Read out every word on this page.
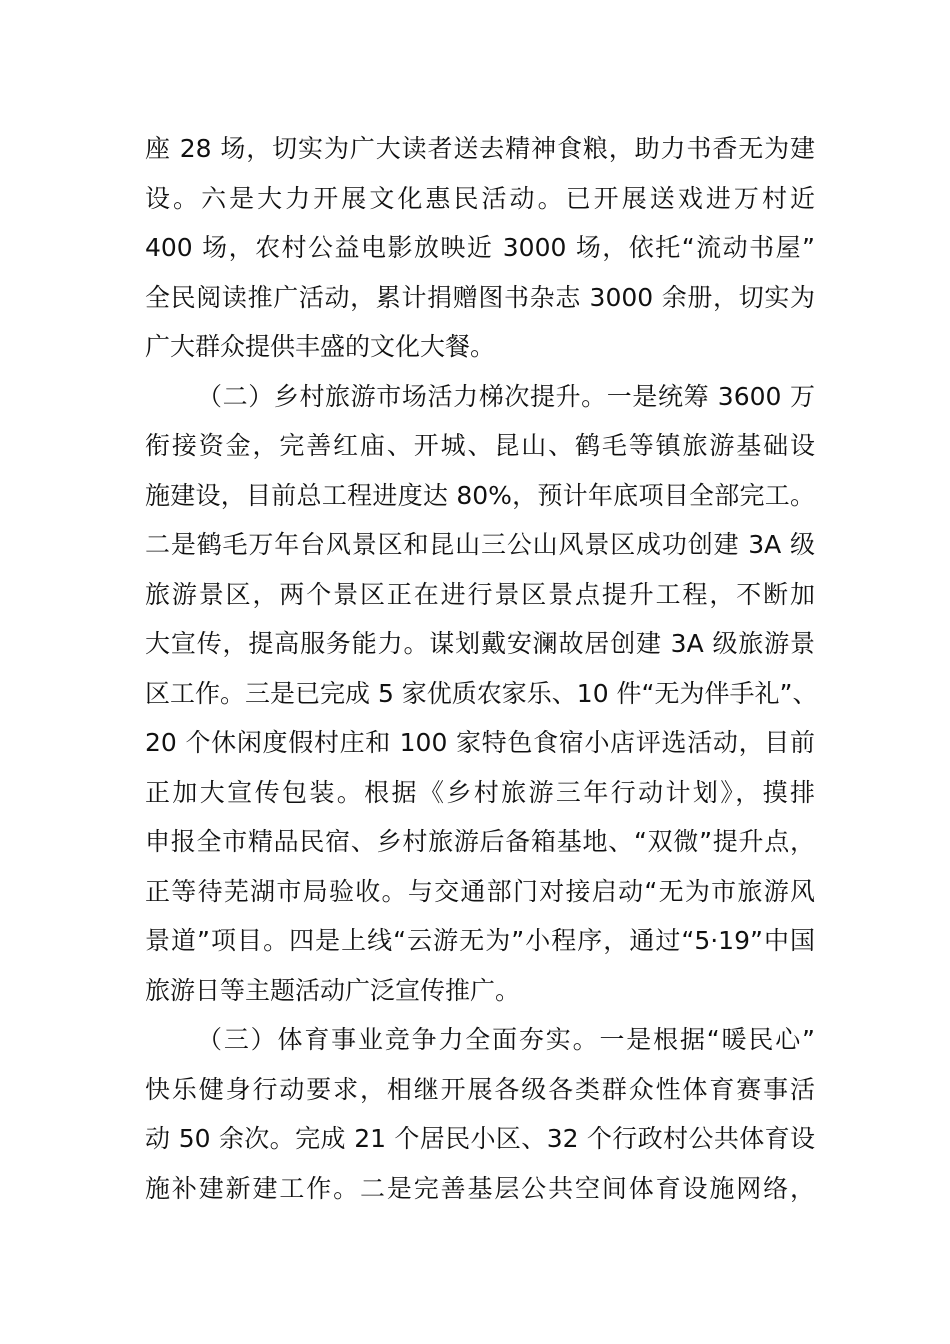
座 28 场，切实为广大读者送去精神食粮，助力书香无为建
设。六是大力开展文化惠民活动。已开展送戏进万村近
400 场，农村公益电影放映近 3000 场，依托“流动书屋”
全民阅读推广活动，累计捐赠图书杂志 3000 余册，切实为
广大群众提供丰盛的文化大餐。
（二）乡村旅游市场活力梯次提升。一是统筹 3600 万
衔接资金，完善红庙、开城、昆山、鹤毛等镇旅游基础设
施建设，目前总工程进度达 80%，预计年底项目全部完工。
二是鹤毛万年台风景区和昆山三公山风景区成功创建 3A 级
旅游景区，两个景区正在进行景区景点提升工程，不断加
大宣传，提高服务能力。谋划戴安澜故居创建 3A 级旅游景
区工作。三是已完成 5 家优质农家乐、10 件“无为伴手礼”、
20 个休闲度假村庄和 100 家特色食宿小店评选活动，目前
正加大宣传包装。根据《乡村旅游三年行动计划》，摸排
申报全市精品民宿、乡村旅游后备箱基地、“双微”提升点，
正等待芜湖市局验收。与交通部门对接启动“无为市旅游风
景道”项目。四是上线“云游无为”小程序，通过“5·19”中国
旅游日等主题活动广泛宣传推广。
（三）体育事业竞争力全面夯实。一是根据“暖民心”
快乐健身行动要求，相继开展各级各类群众性体育赛事活
动 50 余次。完成 21 个居民小区、32 个行政村公共体育设
施补建新建工作。二是完善基层公共空间体育设施网络，
